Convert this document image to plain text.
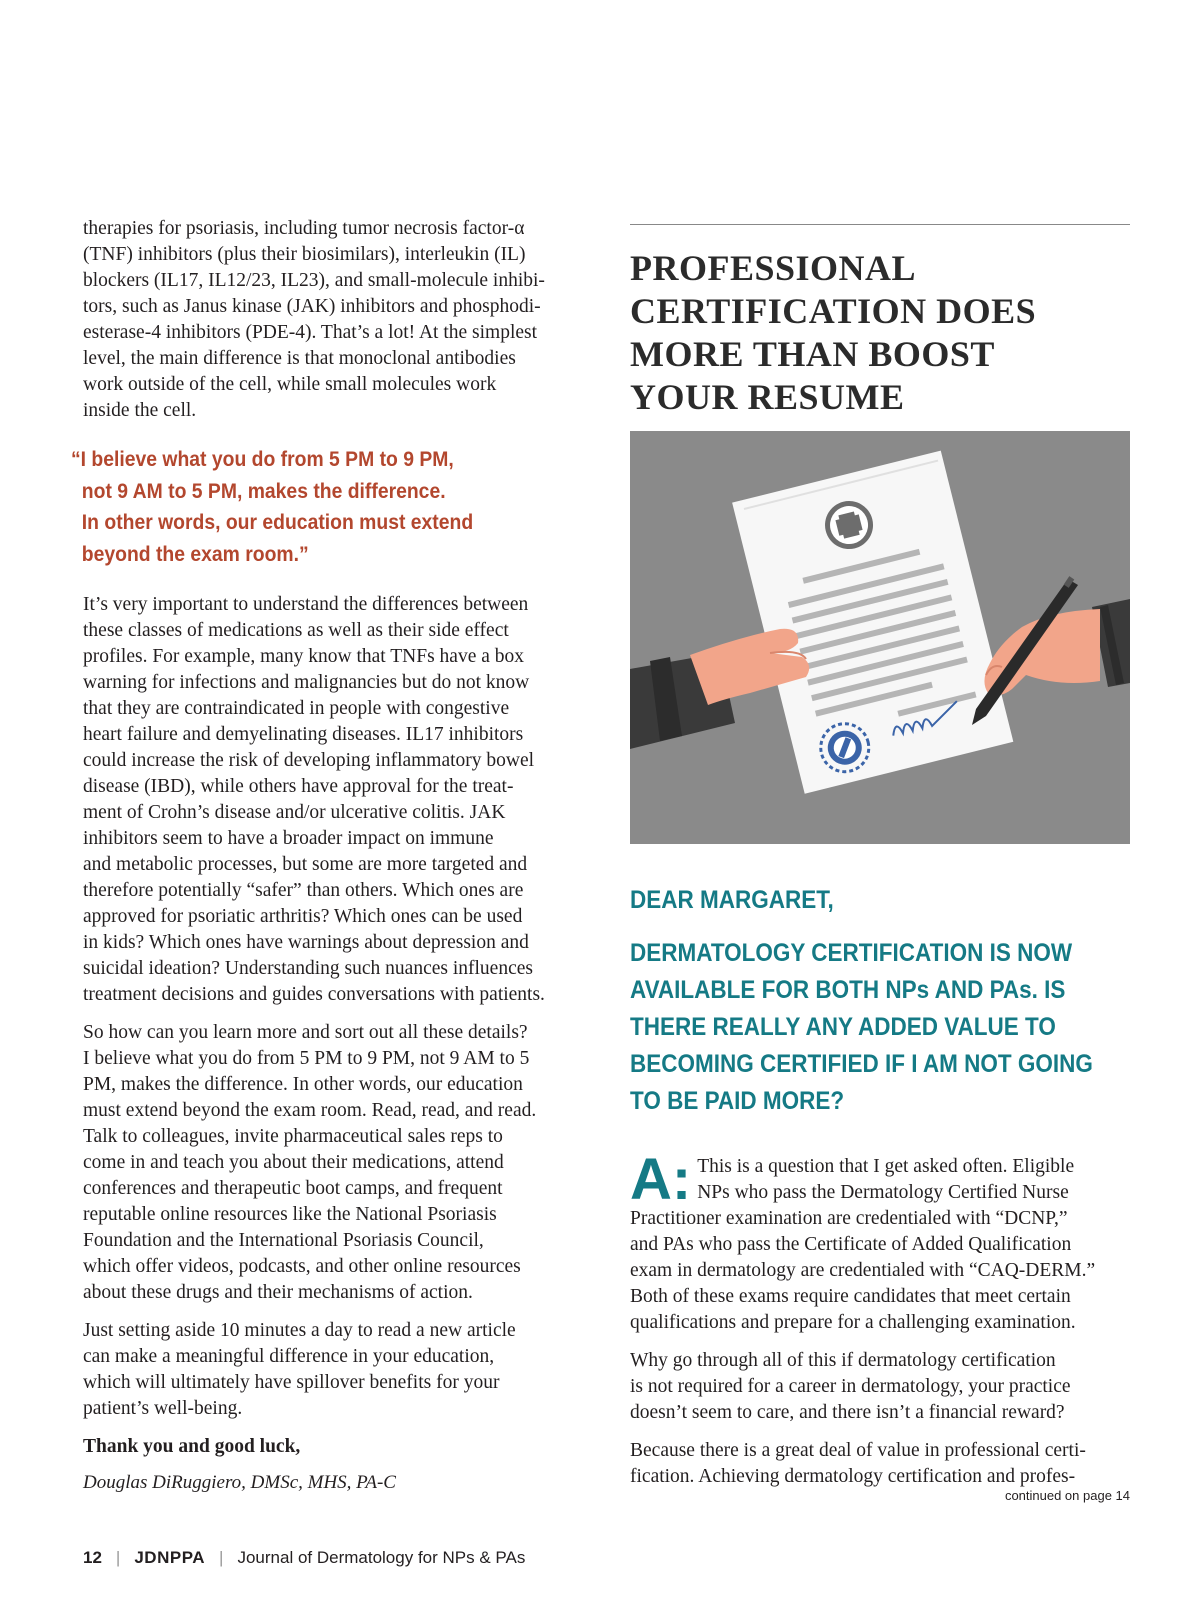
therapies for psoriasis, including tumor necrosis factor-α
(TNF) inhibitors (plus their biosimilars), interleukin (IL)
blockers (IL17, IL12/23, IL23), and small-molecule inhibi-
tors, such as Janus kinase (JAK) inhibitors and phosphodi-
esterase-4 inhibitors (PDE-4). That’s a lot! At the simplest
level, the main difference is that monoclonal antibodies
work outside of the cell, while small molecules work
inside the cell.

“I believe what you do from 5 PM to 9 PM,
not 9 AM to 5 PM, makes the difference.
In other words, our education must extend
beyond the exam room.”

It’s very important to understand the differences between
these classes of medications as well as their side effect
profiles. For example, many know that TNFs have a box
warning for infections and malignancies but do not know
that they are contraindicated in people with congestive
heart failure and demyelinating diseases. IL17 inhibitors
could increase the risk of developing inflammatory bowel
disease (IBD), while others have approval for the treat-
ment of Crohn’s disease and/or ulcerative colitis. JAK
inhibitors seem to have a broader impact on immune
and metabolic processes, but some are more targeted and
therefore potentially “safer” than others. Which ones are
approved for psoriatic arthritis? Which ones can be used
in kids? Which ones have warnings about depression and
suicidal ideation? Understanding such nuances influences
treatment decisions and guides conversations with patients.

So how can you learn more and sort out all these details?
I believe what you do from 5 PM to 9 PM, not 9 AM to 5
PM, makes the difference. In other words, our education
must extend beyond the exam room. Read, read, and read.
Talk to colleagues, invite pharmaceutical sales reps to
come in and teach you about their medications, attend
conferences and therapeutic boot camps, and frequent
reputable online resources like the National Psoriasis
Foundation and the International Psoriasis Council,
which offer videos, podcasts, and other online resources
about these drugs and their mechanisms of action.

Just setting aside 10 minutes a day to read a new article
can make a meaningful difference in your education,
which will ultimately have spillover benefits for your
patient’s well-being.

Thank you and good luck,

Douglas DiRuggiero, DMSc, MHS, PA-C

PROFESSIONAL
CERTIFICATION DOES
MORE THAN BOOST
YOUR RESUME
DEAR MARGARET,
DERMATOLOGY CERTIFICATION IS NOW
AVAILABLE FOR BOTH NPs AND PAs. IS
THERE REALLY ANY ADDED VALUE TO
BECOMING CERTIFIED IF I AM NOT GOING
TO BE PAID MORE?
A: This is a question that I get asked often. Eligible
NPs who pass the Dermatology Certified Nurse
Practitioner examination are credentialed with “DCNP,”
and PAs who pass the Certificate of Added Qualification
exam in dermatology are credentialed with “CAQ-DERM.”
Both of these exams require candidates that meet certain
qualifications and prepare for a challenging examination.

Why go through all of this if dermatology certification
is not required for a career in dermatology, your practice
doesn’t seem to care, and there isn’t a financial reward?

Because there is a great deal of value in professional certi-
fication. Achieving dermatology certification and profes-

continued on page 14
12 | JDNPPA | Journal of Dermatology for NPs & PAs
